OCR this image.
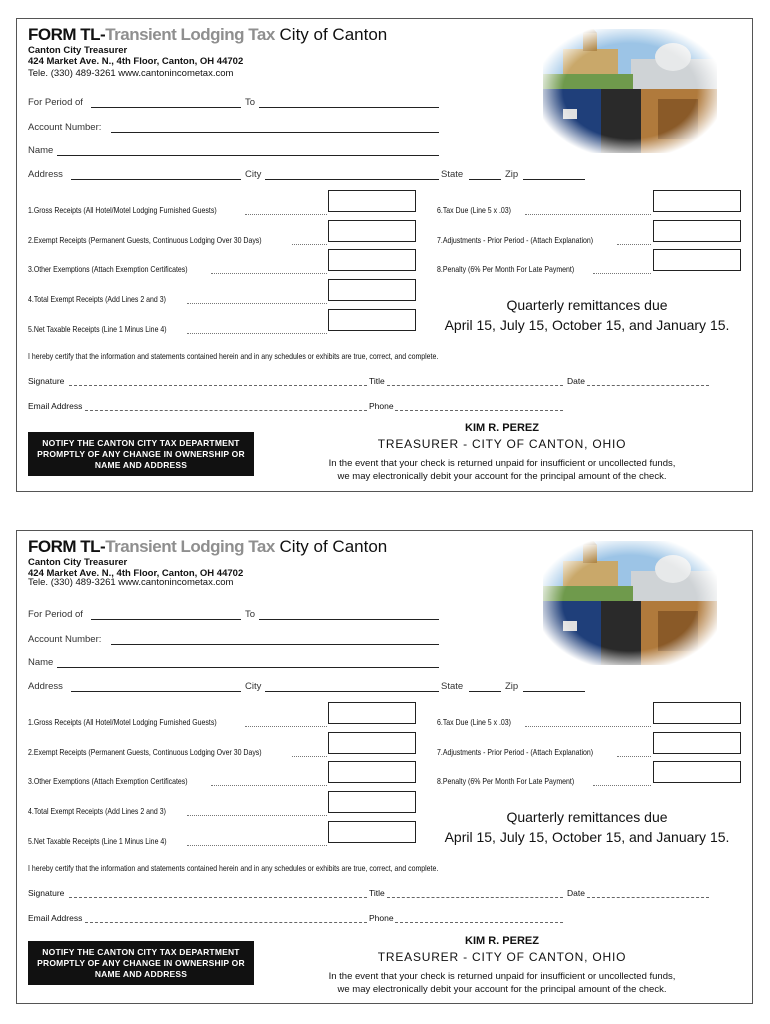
FORM TL-Transient Lodging Tax City of Canton
Canton City Treasurer
424 Market Ave. N., 4th Floor, Canton, OH 44702
Tele. (330) 489-3261 www.cantonincometax.com
For Period of	To
Account Number:
Name
Address	City	State	Zip
1.Gross Receipts (All Hotel/Motel Lodging Furnished Guests)
2.Exempt Receipts (Permanent Guests, Continuous Lodging Over 30 Days)
3.Other Exemptions (Attach Exemption Certificates)
4.Total Exempt Receipts (Add Lines 2 and 3)
5.Net Taxable Receipts (Line 1 Minus Line 4)
6.Tax Due (Line 5 x .03)
7.Adjustments - Prior Period - (Attach Explanation)
8.Penalty (6% Per Month For Late Payment)
Quarterly remittances due
April 15, July 15, October 15, and January 15.
I hereby certify that the information and statements contained herein and in any schedules or exhibits are true, correct, and complete.
Signature	Title	Date
Email Address	Phone
NOTIFY THE CANTON CITY TAX DEPARTMENT
PROMPTLY OF ANY CHANGE IN OWNERSHIP OR
NAME AND ADDRESS
KIM R. PEREZ
TREASURER - CITY OF CANTON, OHIO
In the event that your check is returned unpaid for insufficient or uncollected funds,
we may electronically debit your account for the principal amount of the check.
FORM TL-Transient Lodging Tax City of Canton
Canton City Treasurer
424 Market Ave. N., 4th Floor, Canton, OH 44702
Tele. (330) 489-3261 www.cantonincometax.com
For Period of	To
Account Number:
Name
Address	City	State	Zip
1.Gross Receipts (All Hotel/Motel Lodging Furnished Guests)
2.Exempt Receipts (Permanent Guests, Continuous Lodging Over 30 Days)
3.Other Exemptions (Attach Exemption Certificates)
4.Total Exempt Receipts (Add Lines 2 and 3)
5.Net Taxable Receipts (Line 1 Minus Line 4)
6.Tax Due (Line 5 x .03)
7.Adjustments - Prior Period - (Attach Explanation)
8.Penalty (6% Per Month For Late Payment)
Quarterly remittances due
April 15, July 15, October 15, and January 15.
I hereby certify that the information and statements contained herein and in any schedules or exhibits are true, correct, and complete.
Signature	Title	Date
Email Address	Phone
NOTIFY THE CANTON CITY TAX DEPARTMENT
PROMPTLY OF ANY CHANGE IN OWNERSHIP OR
NAME AND ADDRESS
KIM R. PEREZ
TREASURER - CITY OF CANTON, OHIO
In the event that your check is returned unpaid for insufficient or uncollected funds,
we may electronically debit your account for the principal amount of the check.
